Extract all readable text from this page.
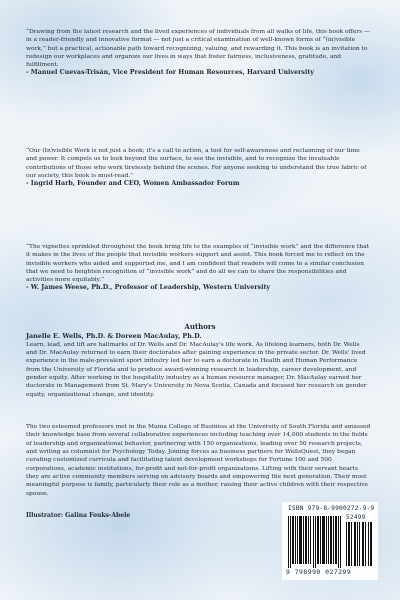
“Drawing from the latest research and the lived experiences of individuals from all walks of life, this book offers — in a reader-friendly and innovative format — not just a critical examination of well-known forms of “(in)visible work,” but a practical, actionable path toward recognizing, valuing, and rewarding it. This book is an invitation to redesign our workplaces and organize our lives in ways that foster fairness, inclusiveness, gratitude, and fulfillment.

- Manuel Cuevas-Trisán, Vice President for Human Resources, Harvard University

“Our (In)visible Work is not just a book; it's a call to action, a tool for self-awareness and reclaiming of our time and power. It compels us to look beyond the surface, to see the invisible, and to recognize the invaluable contributions of those who work tirelessly behind the scenes. For anyone seeking to understand the true fabric of our society, this book is must-read.”

- Ingrid Harb, Founder and CEO, Women Ambassador Forum

“The vignettes sprinkled throughout the book bring life to the examples of “invisible work” and the difference that it makes in the lives of the people that invisible workers support and assist. This book forced me to reflect on the invisible workers who aided and supported me, and I am confident that readers will come to a similar conclusion that we need to heighten recognition of “invisible work” and do all we can to share the responsibilities and activities more equitably.”

- W. James Weese, Ph.D., Professor of Leadership, Western University

Authors

Janelle E. Wells, Ph.D. & Doreen MacAulay, Ph.D.

Learn, lead, and lift are hallmarks of Dr. Wells and Dr. MacAulay's life work. As lifelong learners, both Dr. Wells and Dr. MacAulay returned to earn their doctorates after gaining experience in the private sector. Dr. Wells' lived experience in the male-prevalent sport industry led her to earn a doctorate in Health and Human Performance from the University of Florida and to produce award-winning research in leadership, career development, and gender equity. After working in the hospitality industry as a human resource manager, Dr. MacAulay earned her doctorate in Management from St. Mary's University in Nova Scotia, Canada and focused her research on gender equity, organizational change, and identity.

The two esteemed professors met in the Muma College of Business at the University of South Florida and amassed their knowledge base from several collaborative experiences including teaching over 14,000 students in the fields of leadership and organizational behavior, partnering with 150 organizations, leading over 50 research projects, and writing as columnist for Psychology Today. Joining forces as business partners for WellsQuest, they began curating customized curricula and facilitating talent development workshops for Fortune 100 and 500 corporations, academic institutions, for-profit and not-for-profit organizations. Lifting with their servant hearts they are active community members serving on advisory boards and empowering the next generation. Their most meaningful purpose is family, particularly their role as a mother, raising their active children with their respective spouse.

Illustrator: Galina Fouks-Abele

ISBN 979-8-9900272-9-9
52499
9 798990 027299
